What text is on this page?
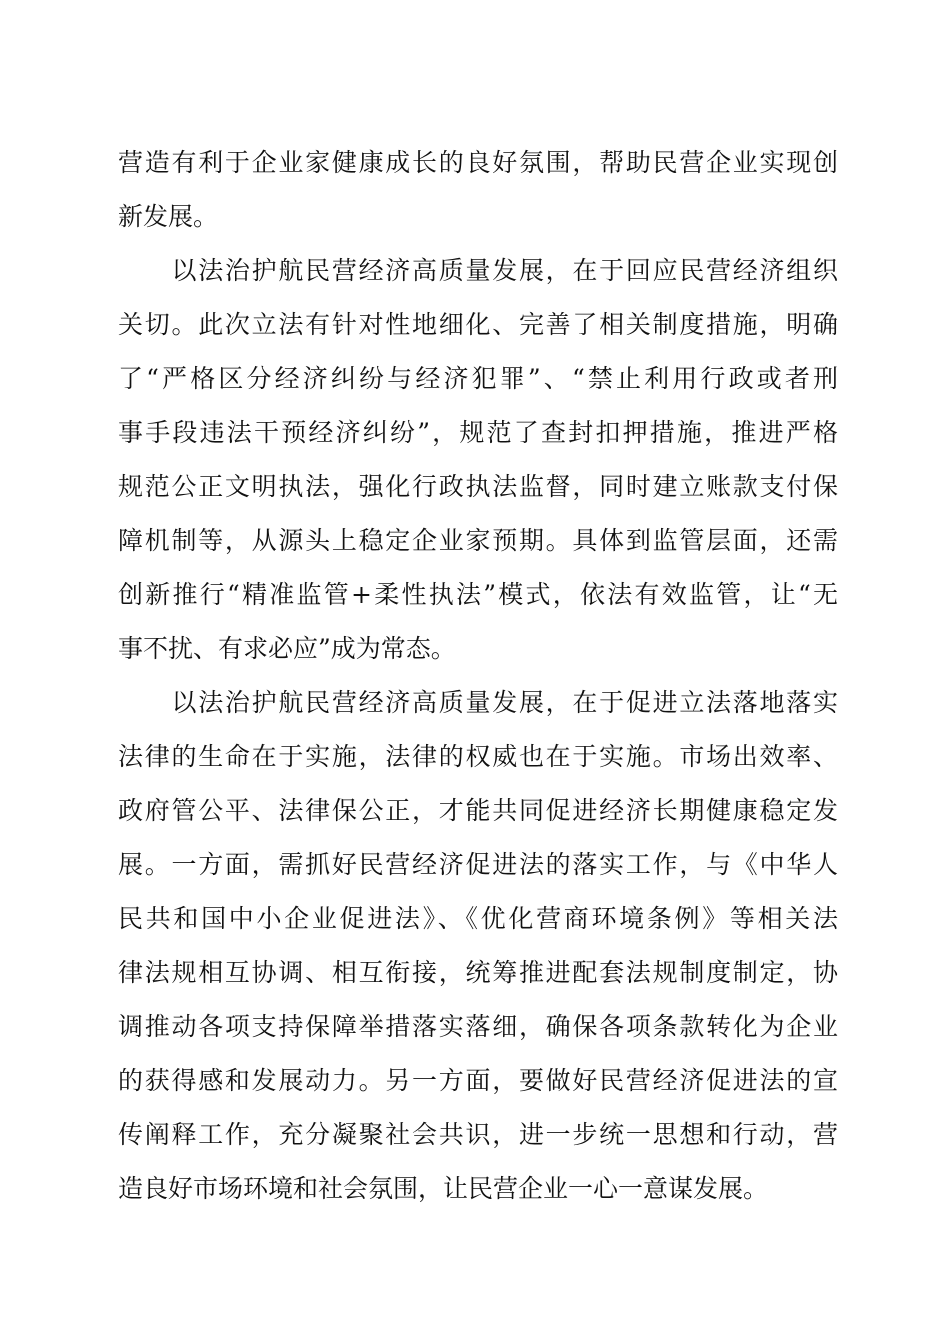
营造有利于企业家健康成长的良好氛围，帮助民营企业实现创
新发展。
　　以法治护航民营经济高质量发展，在于回应民营经济组织
关切。此次立法有针对性地细化、完善了相关制度措施，明确
了“严格区分经济纠纷与经济犯罪”、“禁止利用行政或者刑
事手段违法干预经济纠纷”，规范了查封扣押措施，推进严格
规范公正文明执法，强化行政执法监督，同时建立账款支付保
障机制等，从源头上稳定企业家预期。具体到监管层面，还需
创新推行“精准监管+柔性执法”模式，依法有效监管，让“无
事不扰、有求必应”成为常态。
　　以法治护航民营经济高质量发展，在于促进立法落地落实
法律的生命在于实施，法律的权威也在于实施。市场出效率、
政府管公平、法律保公正，才能共同促进经济长期健康稳定发
展。一方面，需抓好民营经济促进法的落实工作，与《中华人
民共和国中小企业促进法》、《优化营商环境条例》等相关法
律法规相互协调、相互衔接，统筹推进配套法规制度制定，协
调推动各项支持保障举措落实落细，确保各项条款转化为企业
的获得感和发展动力。另一方面，要做好民营经济促进法的宣
传阐释工作，充分凝聚社会共识，进一步统一思想和行动，营
造良好市场环境和社会氛围，让民营企业一心一意谋发展。
